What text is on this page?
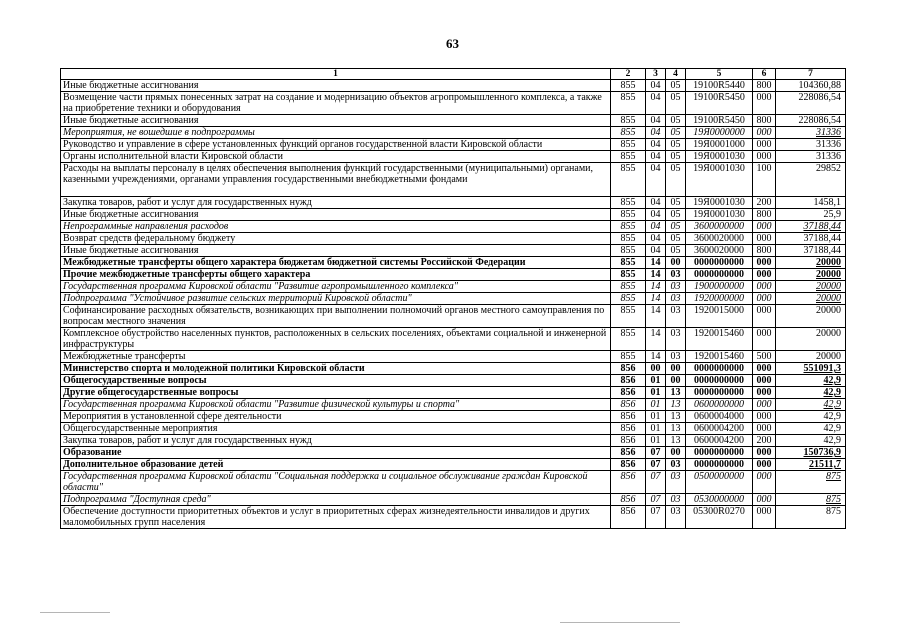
63
1	2	3	4	5	6	7
Иные бюджетные ассигнования	855	04	05	19100R5440	800	104360,88
Возмещение части прямых понесенных затрат на создание и модернизацию объектов агропромышленного комплекса, а также на приобретение техники и оборудования	855	04	05	19100R5450	000	228086,54
Иные бюджетные ассигнования	855	04	05	19100R5450	800	228086,54
Мероприятия, не вошедшие в подпрограммы	855	04	05	19Я0000000	000	31336
Руководство и управление в сфере установленных функций органов государственной власти Кировской области	855	04	05	19Я0001000	000	31336
Органы исполнительной власти Кировской области	855	04	05	19Я0001030	000	31336
Расходы на выплаты персоналу в целях обеспечения выполнения функций государственными (муниципальными) органами, казенными учреждениями, органами управления государственными внебюджетными фондами	855	04	05	19Я0001030	100	29852
Закупка товаров, работ и услуг для государственных нужд	855	04	05	19Я0001030	200	1458,1
Иные бюджетные ассигнования	855	04	05	19Я0001030	800	25,9
Непрограммные направления расходов	855	04	05	3600000000	000	37188,44
Возврат средств федеральному бюджету	855	04	05	3600020000	000	37188,44
Иные бюджетные ассигнования	855	04	05	3600020000	800	37188,44
Межбюджетные трансферты общего характера бюджетам бюджетной системы Российской Федерации	855	14	00	0000000000	000	20000
Прочие межбюджетные трансферты общего характера	855	14	03	0000000000	000	20000
Государственная программа Кировской области "Развитие агропромышленного комплекса"	855	14	03	1900000000	000	20000
Подпрограмма "Устойчивое развитие сельских территорий Кировской области"	855	14	03	1920000000	000	20000
Софинансирование расходных обязательств, возникающих при выполнении полномочий органов местного самоуправления по вопросам местного значения	855	14	03	1920015000	000	20000
Комплексное обустройство населенных пунктов, расположенных в сельских поселениях, объектами социальной и инженерной инфраструктуры	855	14	03	1920015460	000	20000
Межбюджетные трансферты	855	14	03	1920015460	500	20000
Министерство спорта и молодежной политики Кировской области	856	00	00	0000000000	000	551091,3
Общегосударственные вопросы	856	01	00	0000000000	000	42,9
Другие общегосударственные вопросы	856	01	13	0000000000	000	42,9
Государственная программа Кировской области "Развитие физической культуры и спорта"	856	01	13	0600000000	000	42,9
Мероприятия в установленной сфере деятельности	856	01	13	0600004000	000	42,9
Общегосударственные мероприятия	856	01	13	0600004200	000	42,9
Закупка товаров, работ и услуг для государственных нужд	856	01	13	0600004200	200	42,9
Образование	856	07	00	0000000000	000	150736,9
Дополнительное образование детей	856	07	03	0000000000	000	21511,7
Государственная программа Кировской области "Социальная поддержка и социальное обслуживание граждан Кировской области"	856	07	03	0500000000	000	875
Подпрограмма "Доступная среда"	856	07	03	0530000000	000	875
Обеспечение доступности приоритетных объектов и услуг в приоритетных сферах жизнедеятельности инвалидов и других маломобильных групп населения	856	07	03	05300R0270	000	875
